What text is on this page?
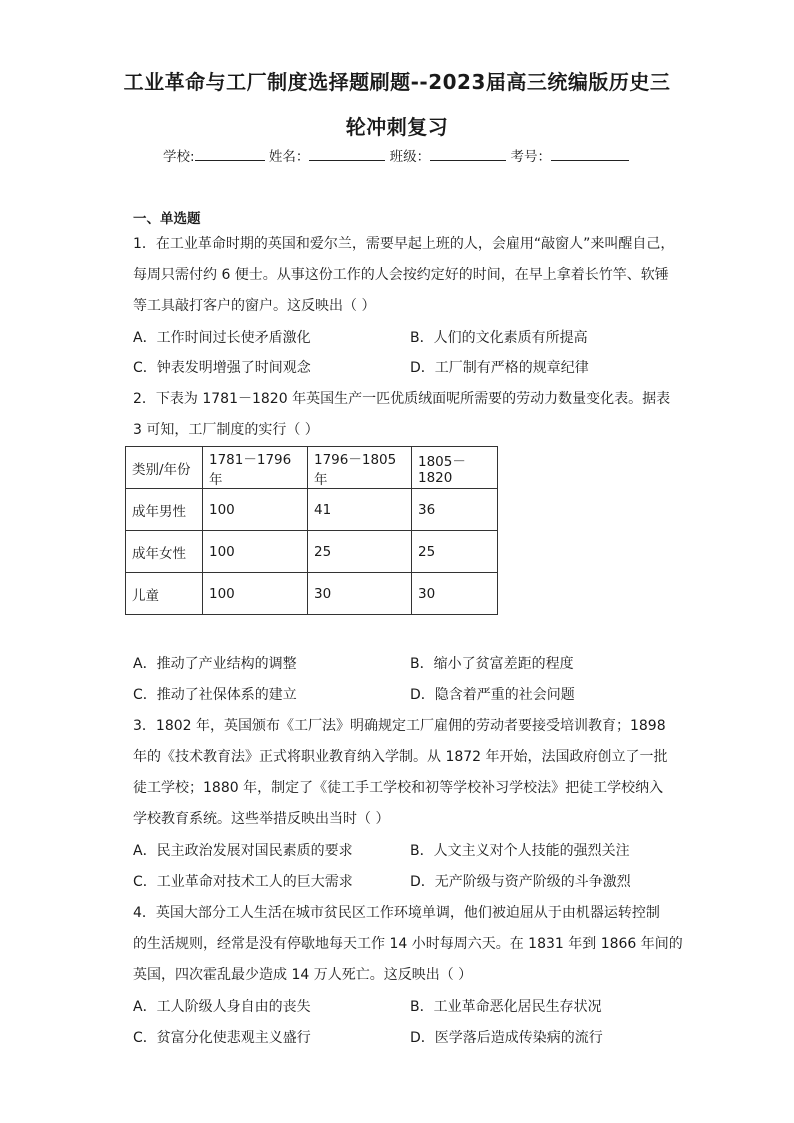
工业革命与工厂制度选择题刷题--2023届高三统编版历史三
轮冲刺复习
学校:	姓名：	班级：	考号：
一、单选题
1．在工业革命时期的英国和爱尔兰，需要早起上班的人，会雇用“敲窗人”来叫醒自己，
每周只需付约 6 便士。从事这份工作的人会按约定好的时间，在早上拿着长竹竿、软锤
等工具敲打客户的窗户。这反映出（ ）
A．工作时间过长使矛盾激化	B．人们的文化素质有所提高
C．钟表发明增强了时间观念	D．工厂制有严格的规章纪律
2．下表为 1781－1820 年英国生产一匹优质绒面呢所需要的劳动力数量变化表。据表
3 可知，工厂制度的实行（ ）
类别/年份	1781－1796 年	1796－1805 年	1805－1820
成年男性	100	41	36
成年女性	100	25	25
儿童	100	30	30
A．推动了产业结构的调整	B．缩小了贫富差距的程度
C．推动了社保体系的建立	D．隐含着严重的社会问题
3．1802 年，英国颁布《工厂法》明确规定工厂雇佣的劳动者要接受培训教育；1898
年的《技术教育法》正式将职业教育纳入学制。从 1872 年开始，法国政府创立了一批
徒工学校；1880 年，制定了《徒工手工学校和初等学校补习学校法》把徒工学校纳入
学校教育系统。这些举措反映出当时（ ）
A．民主政治发展对国民素质的要求	B．人文主义对个人技能的强烈关注
C．工业革命对技术工人的巨大需求	D．无产阶级与资产阶级的斗争激烈
4．英国大部分工人生活在城市贫民区工作环境单调，他们被迫屈从于由机器运转控制
的生活规则，经常是没有停歇地每天工作 14 小时每周六天。在 1831 年到 1866 年间的
英国，四次霍乱最少造成 14 万人死亡。这反映出（ ）
A．工人阶级人身自由的丧失	B．工业革命恶化居民生存状况
C．贫富分化使悲观主义盛行	D．医学落后造成传染病的流行
